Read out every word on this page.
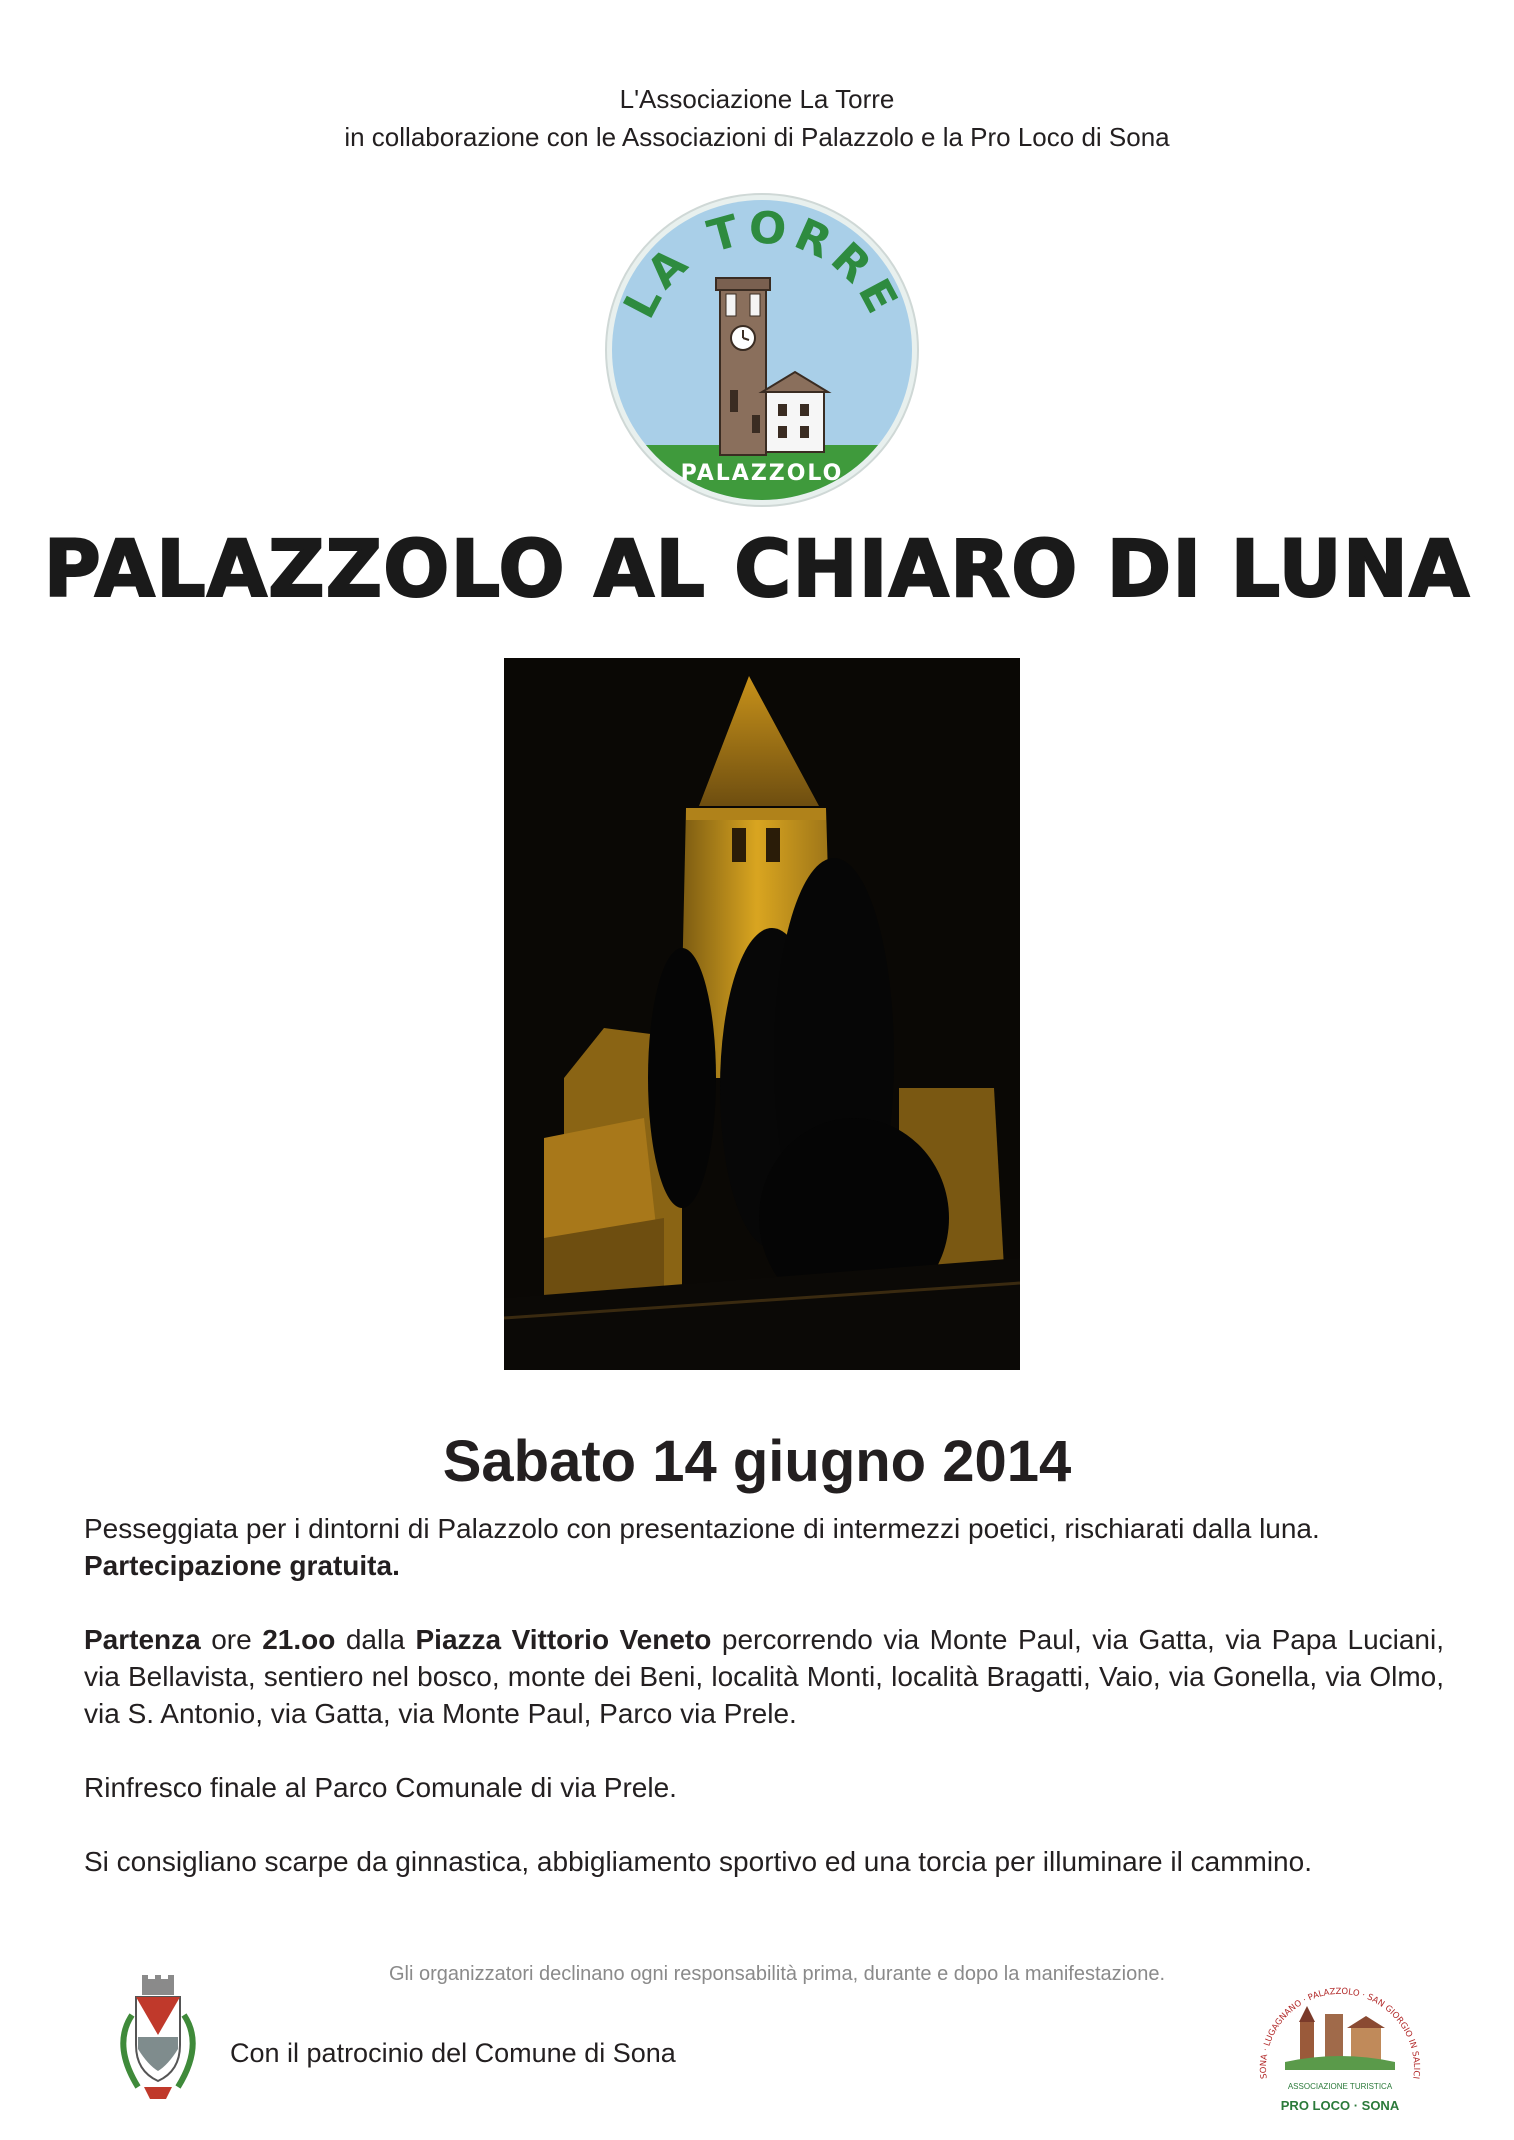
L'Associazione La Torre
in collaborazione con le Associazioni di Palazzolo e la Pro Loco di Sona
LA TORRE
PALAZZOLO
PALAZZOLO AL CHIARO DI LUNA
Sabato 14 giugno 2014

Pesseggiata per i dintorni di Palazzolo con presentazione di intermezzi poetici, rischiarati dalla luna.
Partecipazione gratuita.

Partenza ore 21.oo dalla Piazza Vittorio Veneto percorrendo via Monte Paul, via Gatta, via Papa Luciani, via Bellavista, sentiero nel bosco, monte dei Beni, località Monti, località Bragatti, Vaio, via Gonella, via Olmo, via S. Antonio, via Gatta, via Monte Paul, Parco via Prele.

Rinfresco finale al Parco Comunale di via Prele.

Si consigliano scarpe da ginnastica, abbigliamento sportivo ed una torcia per illuminare il cammino.

Gli organizzatori declinano ogni responsabilità prima, durante e dopo la manifestazione.
Con il patrocinio del Comune di Sona
SONA · LUGAGNANO · PALAZZOLO · SAN GIORGIO IN SALICI
ASSOCIAZIONE TURISTICA
PRO LOCO · SONA
